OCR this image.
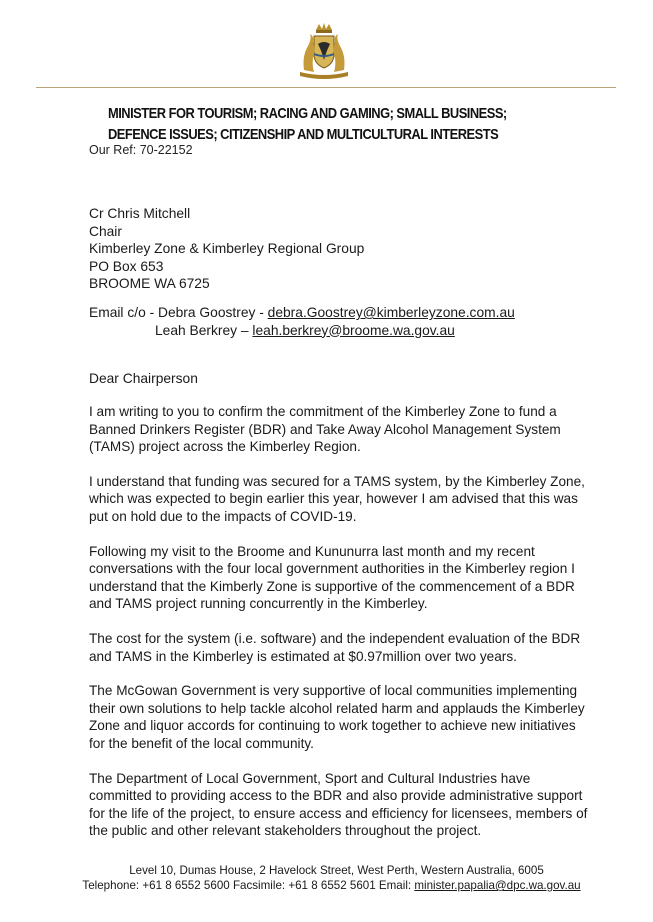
MINISTER FOR TOURISM; RACING AND GAMING; SMALL BUSINESS;
DEFENCE ISSUES; CITIZENSHIP AND MULTICULTURAL INTERESTS
Our Ref: 70-22152
Cr Chris Mitchell
Chair
Kimberley Zone & Kimberley Regional Group
PO Box 653
BROOME WA 6725
Email c/o - Debra Goostrey - debra.Goostrey@kimberleyzone.com.au
Leah Berkrey – leah.berkrey@broome.wa.gov.au
Dear Chairperson

I am writing to you to confirm the commitment of the Kimberley Zone to fund a Banned Drinkers Register (BDR) and Take Away Alcohol Management System (TAMS) project across the Kimberley Region.

I understand that funding was secured for a TAMS system, by the Kimberley Zone, which was expected to begin earlier this year, however I am advised that this was put on hold due to the impacts of COVID-19.

Following my visit to the Broome and Kununurra last month and my recent conversations with the four local government authorities in the Kimberley region I understand that the Kimberly Zone is supportive of the commencement of a BDR and TAMS project running concurrently in the Kimberley.

The cost for the system (i.e. software) and the independent evaluation of the BDR and TAMS in the Kimberley is estimated at $0.97million over two years.

The McGowan Government is very supportive of local communities implementing their own solutions to help tackle alcohol related harm and applauds the Kimberley Zone and liquor accords for continuing to work together to achieve new initiatives for the benefit of the local community.

The Department of Local Government, Sport and Cultural Industries have committed to providing access to the BDR and also provide administrative support for the life of the project, to ensure access and efficiency for licensees, members of the public and other relevant stakeholders throughout the project.

Level 10, Dumas House, 2 Havelock Street, West Perth, Western Australia, 6005
Telephone: +61 8 6552 5600 Facsimile: +61 8 6552 5601 Email: minister.papalia@dpc.wa.gov.au
